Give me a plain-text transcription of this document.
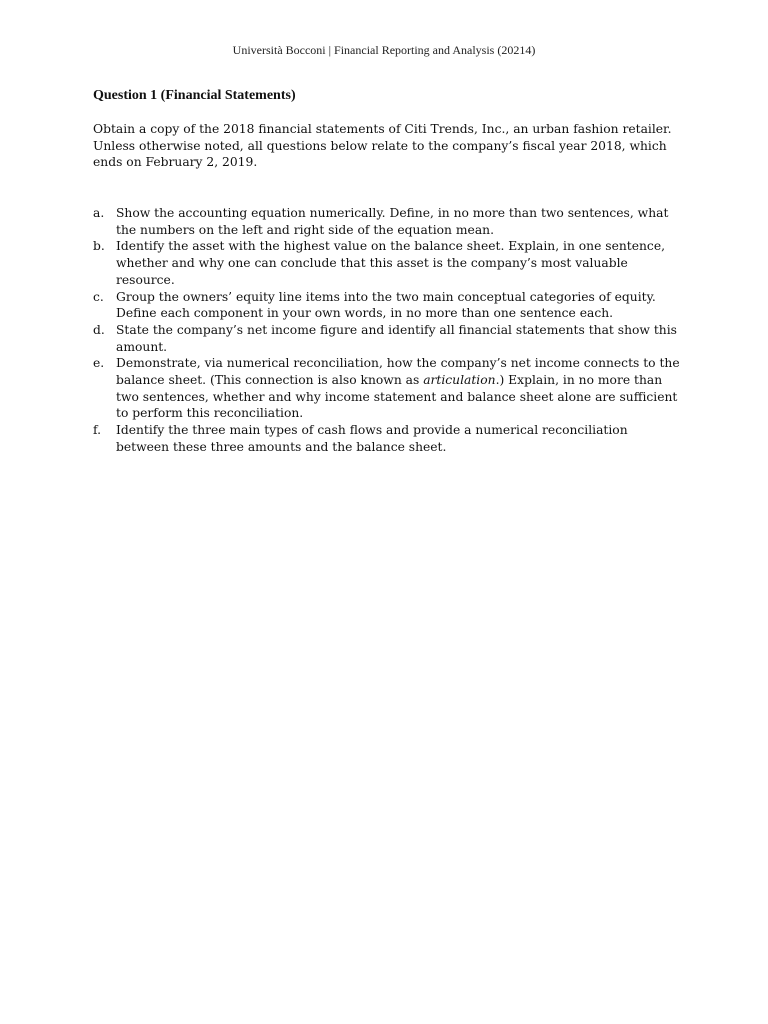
Università Bocconi | Financial Reporting and Analysis (20214)
Question 1 (Financial Statements)

Obtain a copy of the 2018 financial statements of Citi Trends, Inc., an urban fashion retailer.
Unless otherwise noted, all questions below relate to the company’s fiscal year 2018, which
ends on February 2, 2019.

a. Show the accounting equation numerically. Define, in no more than two sentences, what
the numbers on the left and right side of the equation mean.
b. Identify the asset with the highest value on the balance sheet. Explain, in one sentence,
whether and why one can conclude that this asset is the company’s most valuable
resource.
c. Group the owners’ equity line items into the two main conceptual categories of equity.
Define each component in your own words, in no more than one sentence each.
d. State the company’s net income figure and identify all financial statements that show this
amount.
e. Demonstrate, via numerical reconciliation, how the company’s net income connects to the
balance sheet. (This connection is also known as articulation.) Explain, in no more than
two sentences, whether and why income statement and balance sheet alone are sufficient
to perform this reconciliation.
f. Identify the three main types of cash flows and provide a numerical reconciliation
between these three amounts and the balance sheet.
